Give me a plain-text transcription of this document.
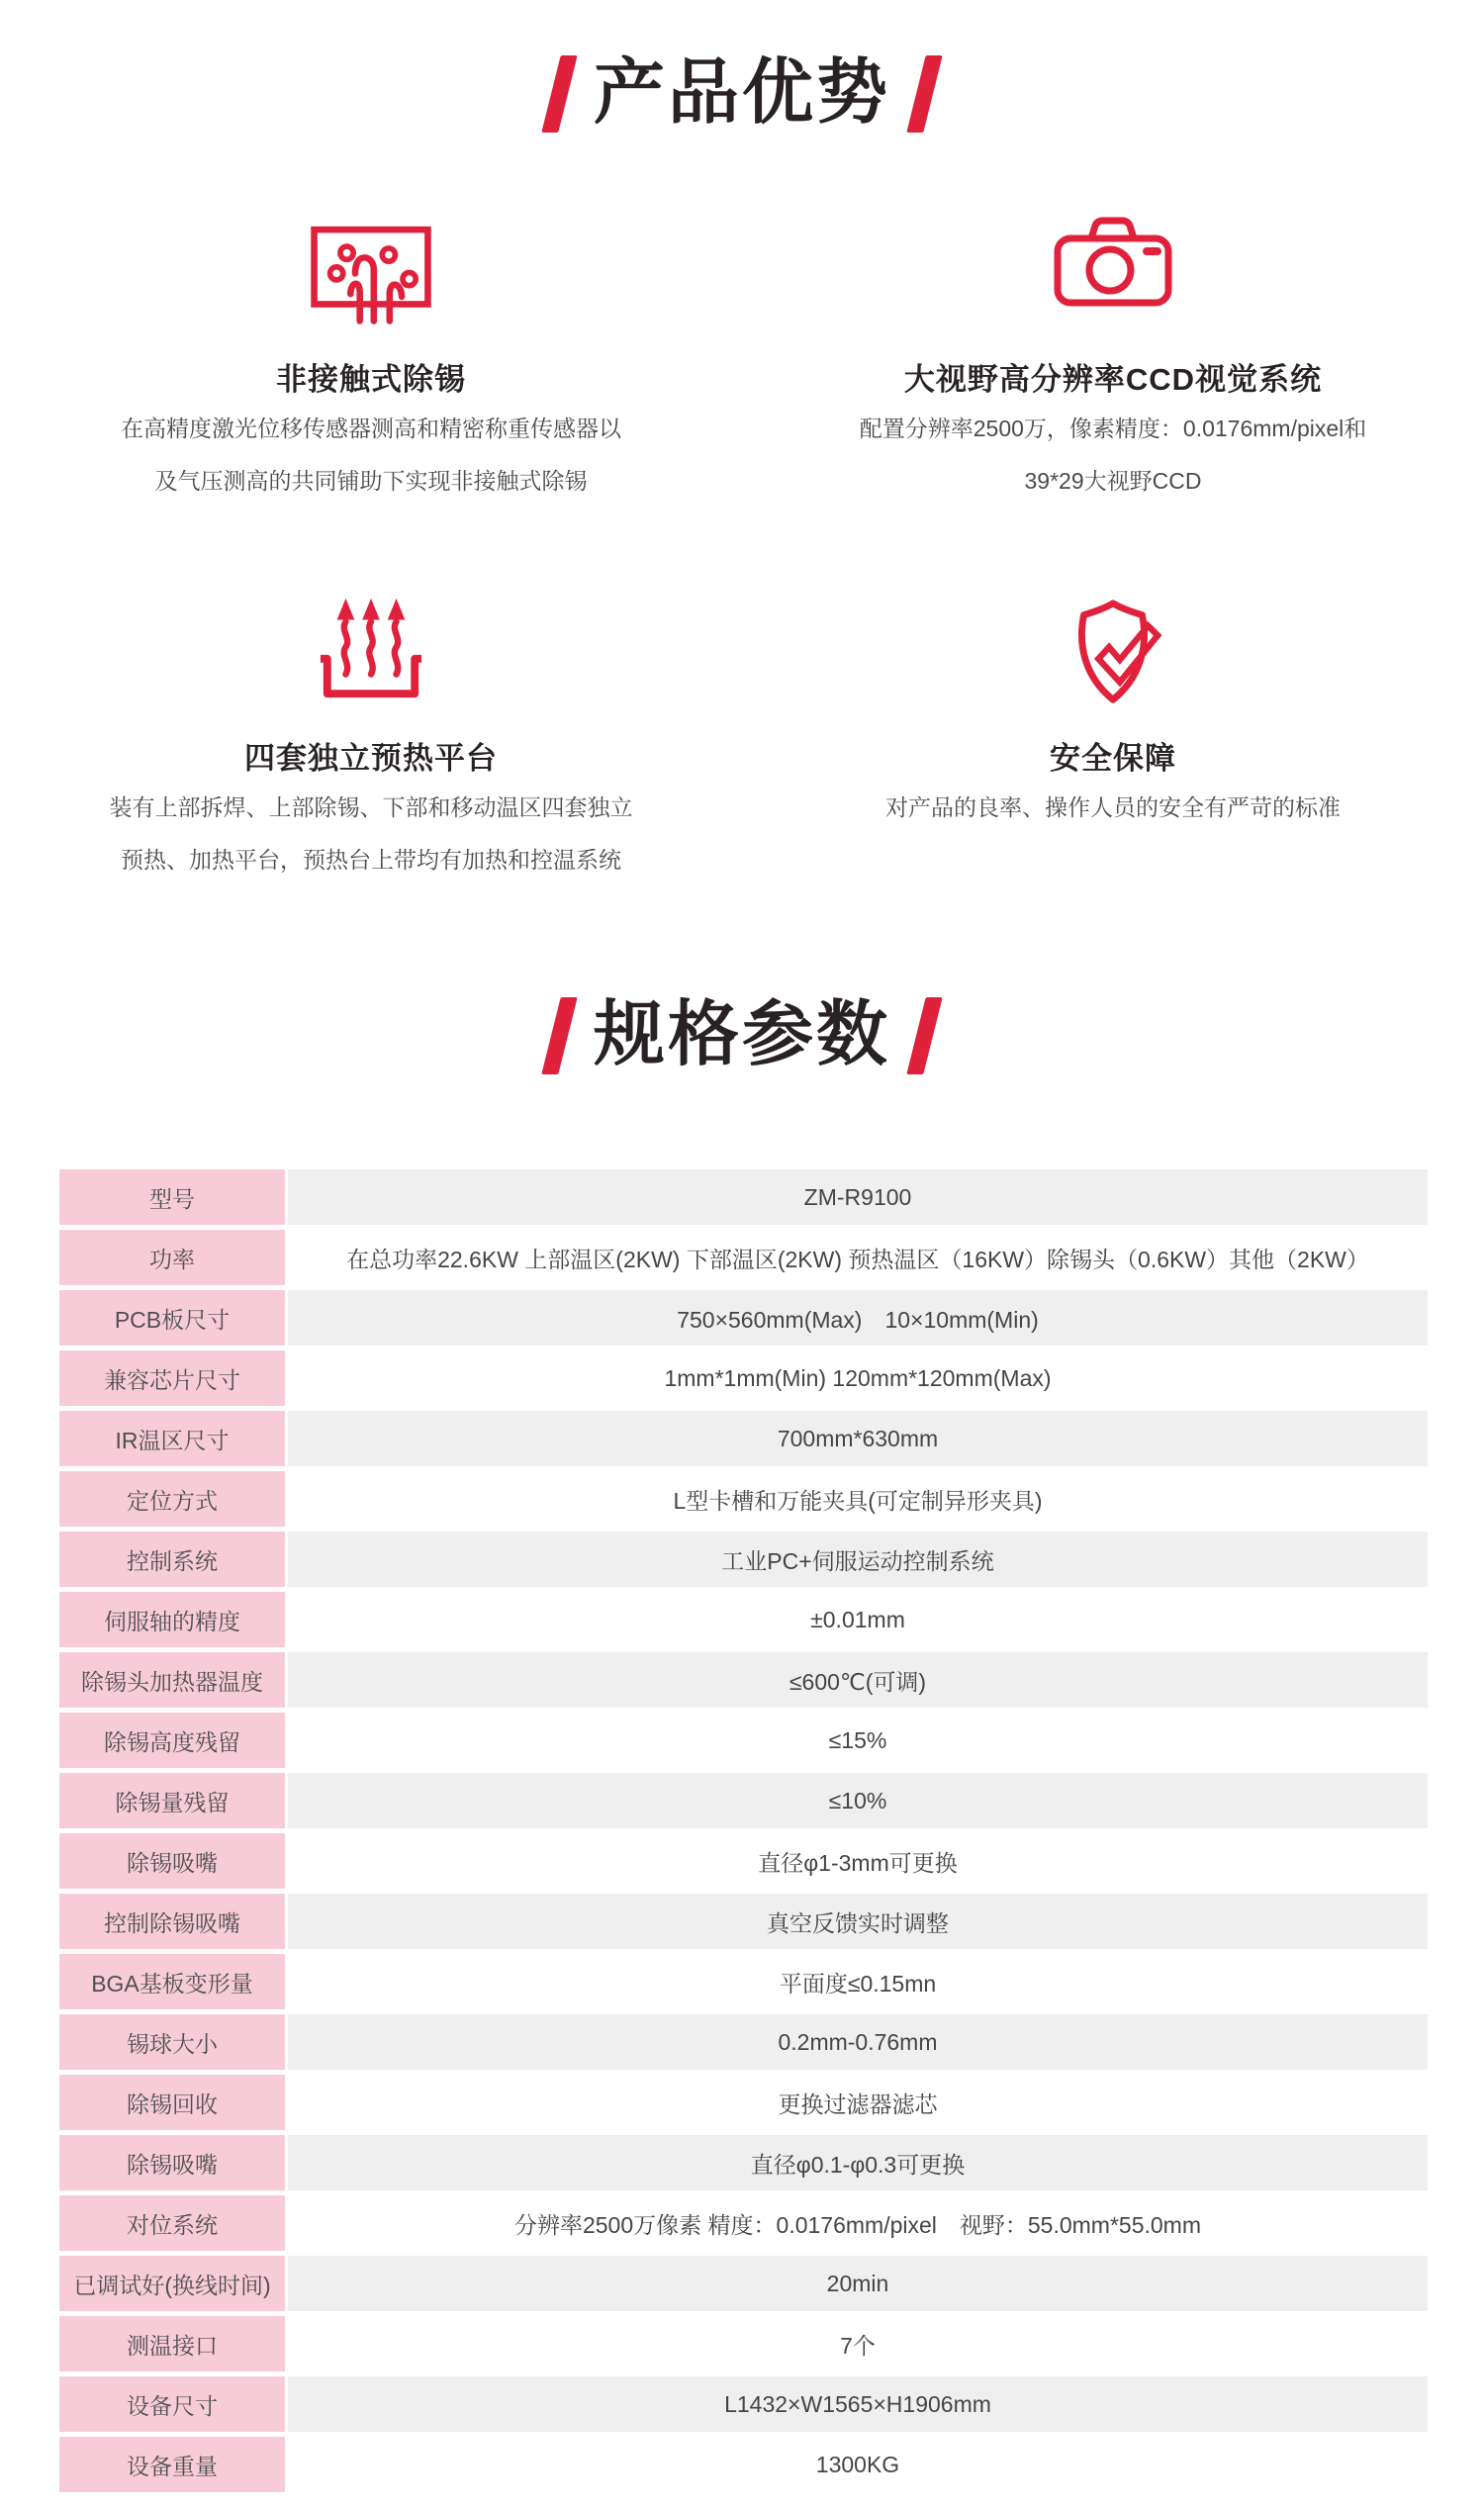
产品优势
非接触式除锡
在高精度激光位移传感器测高和精密称重传感器以
及气压测高的共同铺助下实现非接触式除锡
大视野高分辨率CCD视觉系统
配置分辨率2500万，像素精度：0.0176mm/pixel和
39*29大视野CCD
四套独立预热平台
装有上部拆焊、上部除锡、下部和移动温区四套独立
预热、加热平台，预热台上带均有加热和控温系统
安全保障
对产品的良率、操作人员的安全有严苛的标准
规格参数
型号	ZM-R9100
功率	在总功率22.6KW 上部温区(2KW) 下部温区(2KW) 预热温区（16KW）除锡头（0.6KW）其他（2KW）
PCB板尺寸	750×560mm(Max)　10×10mm(Min)
兼容芯片尺寸	1mm*1mm(Min) 120mm*120mm(Max)
IR温区尺寸	700mm*630mm
定位方式	L型卡槽和万能夹具(可定制异形夹具)
控制系统	工业PC+伺服运动控制系统
伺服轴的精度	±0.01mm
除锡头加热器温度	≤600℃(可调)
除锡高度残留	≤15%
除锡量残留	≤10%
除锡吸嘴	直径φ1-3mm可更换
控制除锡吸嘴	真空反馈实时调整
BGA基板变形量	平面度≤0.15mn
锡球大小	0.2mm-0.76mm
除锡回收	更换过滤器滤芯
除锡吸嘴	直径φ0.1-φ0.3可更换
对位系统	分辨率2500万像素 精度：0.0176mm/pixel　视野：55.0mm*55.0mm
已调试好(换线时间)	20min
测温接口	7个
设备尺寸	L1432×W1565×H1906mm
设备重量	1300KG
